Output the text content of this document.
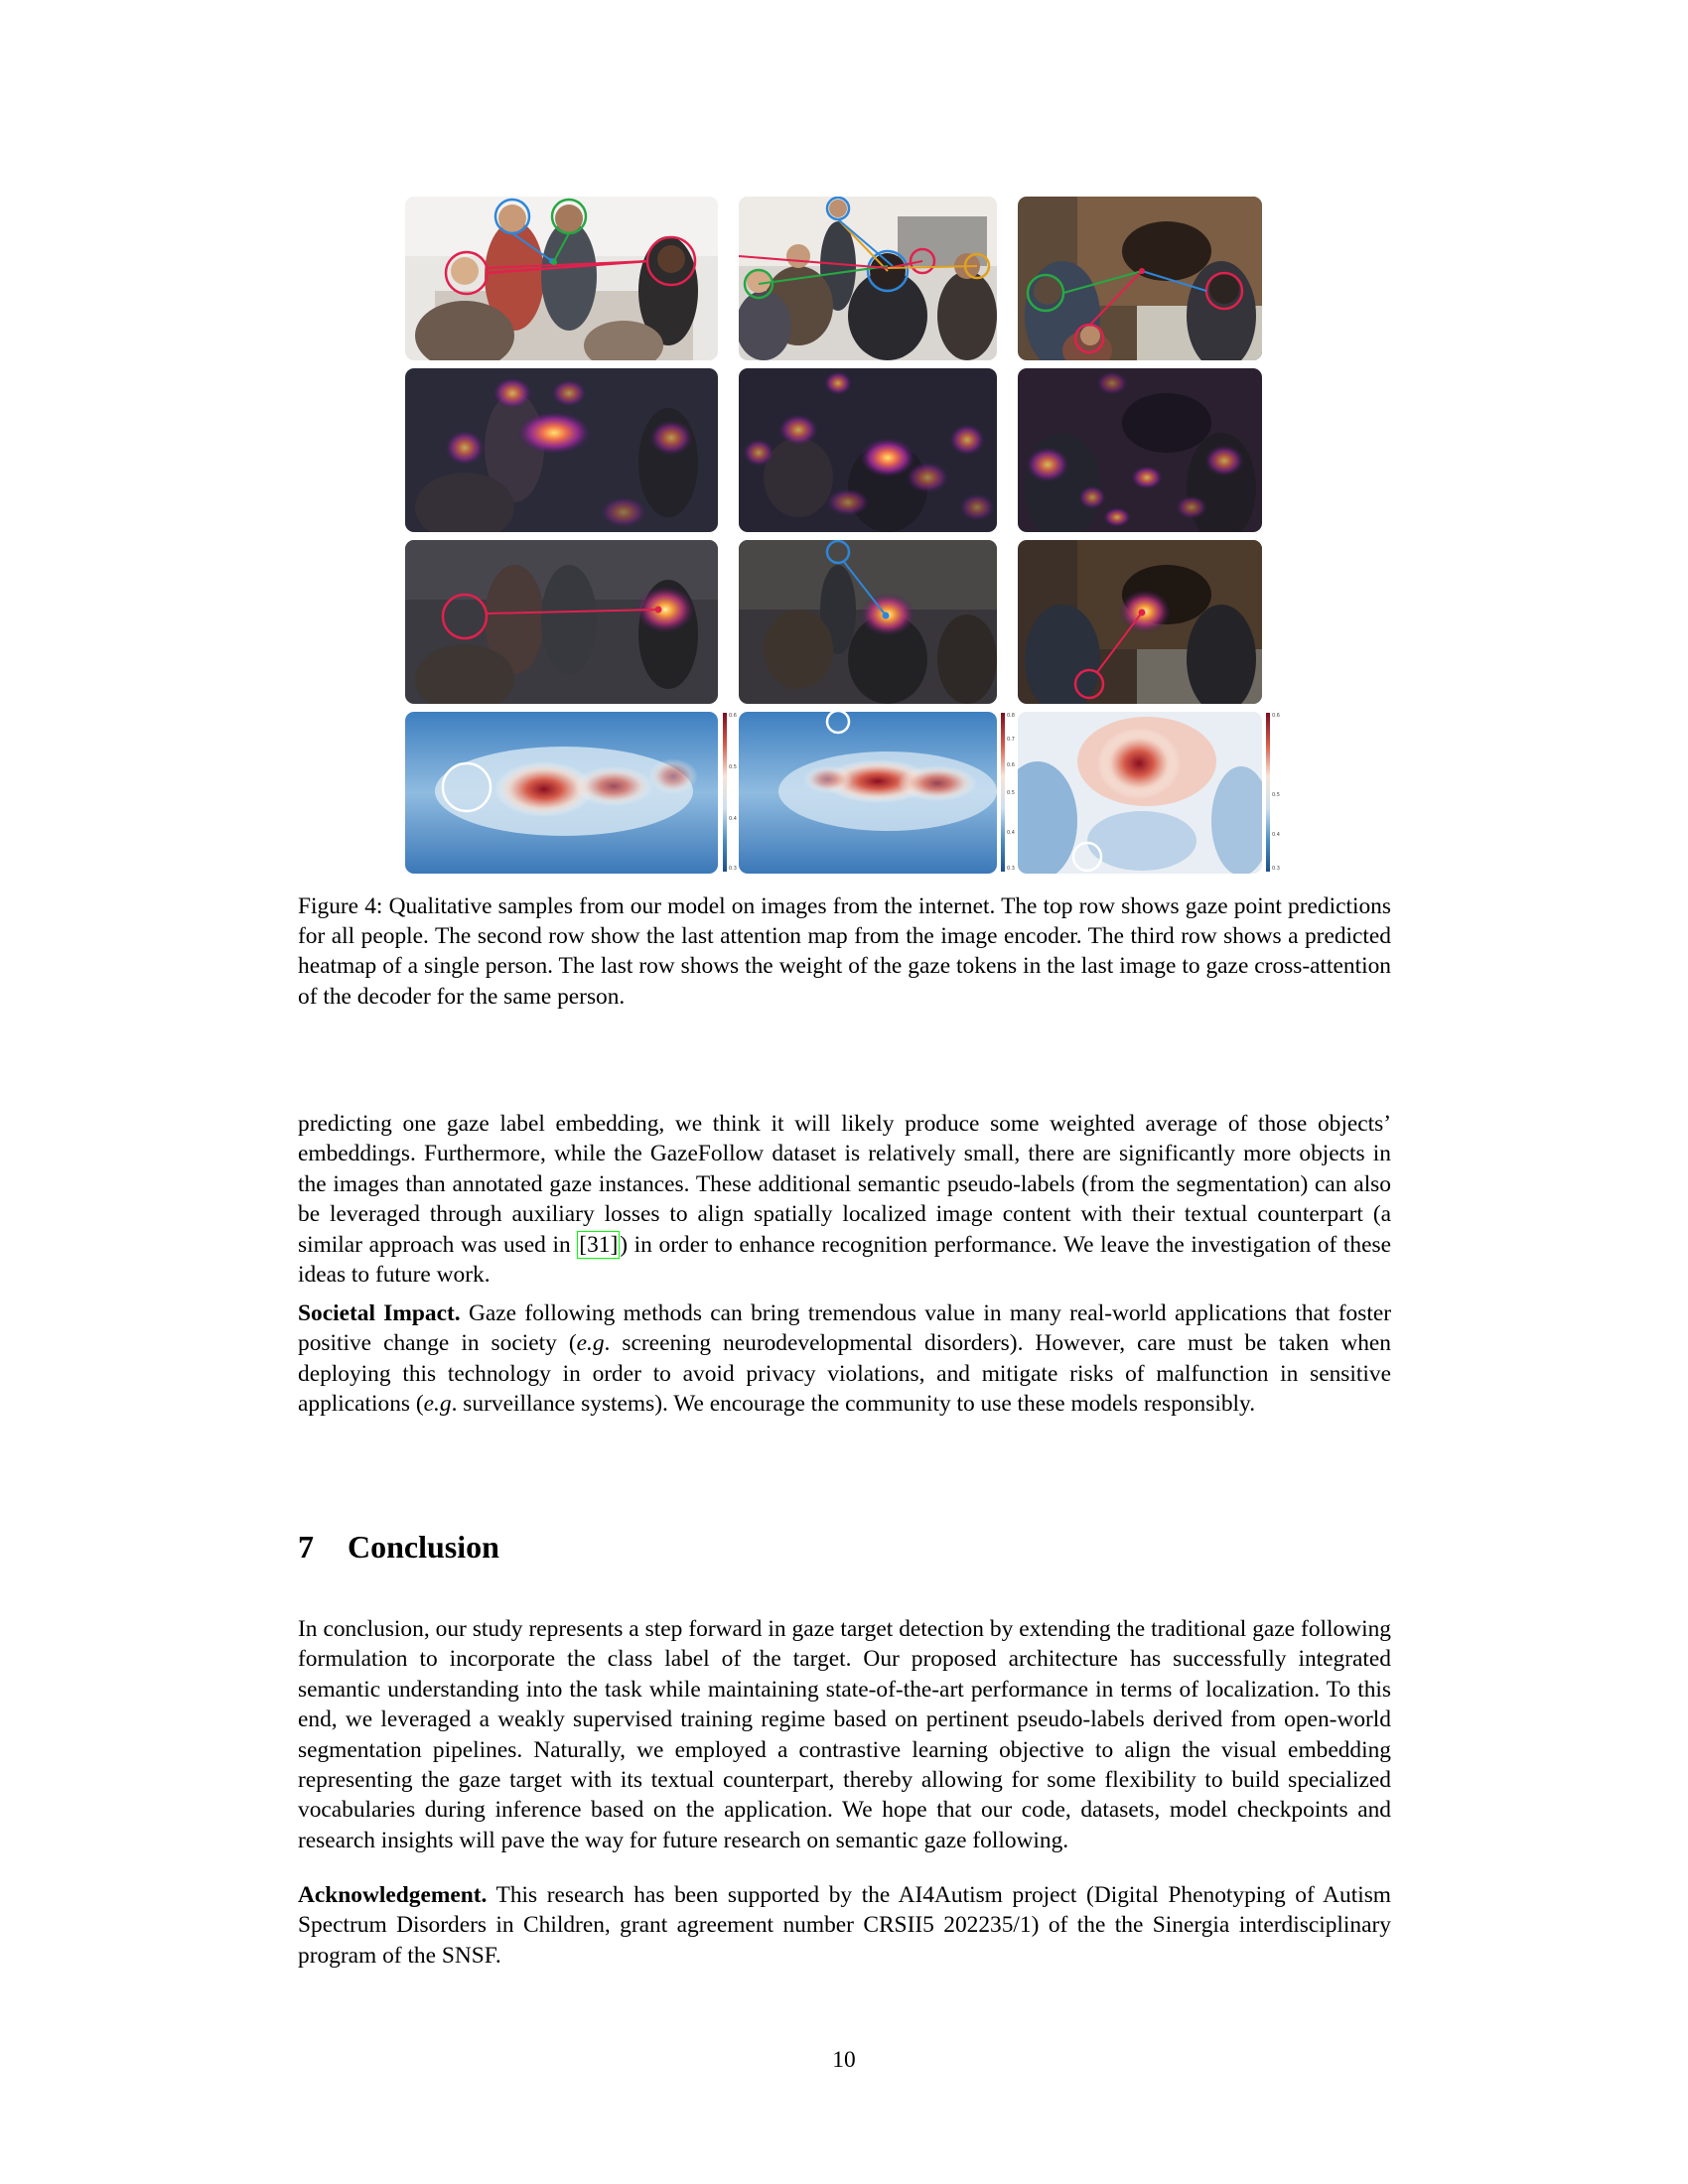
0.6
0.5
0.4
0.3
0.8
0.7
0.6
0.5
0.4
0.3
0.6
0.5
0.4
0.3

Figure 4: Qualitative samples from our model on images from the internet. The top row shows gaze point predictions for all people. The second row show the last attention map from the image encoder. The third row shows a predicted heatmap of a single person. The last row shows the weight of the gaze tokens in the last image to gaze cross-attention of the decoder for the same person.

predicting one gaze label embedding, we think it will likely produce some weighted average of those objects’ embeddings. Furthermore, while the GazeFollow dataset is relatively small, there are significantly more objects in the images than annotated gaze instances. These additional semantic pseudo-labels (from the segmentation) can also be leveraged through auxiliary losses to align spatially localized image content with their textual counterpart (a similar approach was used in [31]) in order to enhance recognition performance. We leave the investigation of these ideas to future work.

Societal Impact. Gaze following methods can bring tremendous value in many real-world applications that foster positive change in society (e.g. screening neurodevelopmental disorders). However, care must be taken when deploying this technology in order to avoid privacy violations, and mitigate risks of malfunction in sensitive applications (e.g. surveillance systems). We encourage the community to use these models responsibly.

7 Conclusion

In conclusion, our study represents a step forward in gaze target detection by extending the traditional gaze following formulation to incorporate the class label of the target. Our proposed architecture has successfully integrated semantic understanding into the task while maintaining state-of-the-art performance in terms of localization. To this end, we leveraged a weakly supervised training regime based on pertinent pseudo-labels derived from open-world segmentation pipelines. Naturally, we employed a contrastive learning objective to align the visual embedding representing the gaze target with its textual counterpart, thereby allowing for some flexibility to build specialized vocabularies during inference based on the application. We hope that our code, datasets, model checkpoints and research insights will pave the way for future research on semantic gaze following.

Acknowledgement. This research has been supported by the AI4Autism project (Digital Phenotyping of Autism Spectrum Disorders in Children, grant agreement number CRSII5 202235/1) of the the Sinergia interdisciplinary program of the SNSF.

10
